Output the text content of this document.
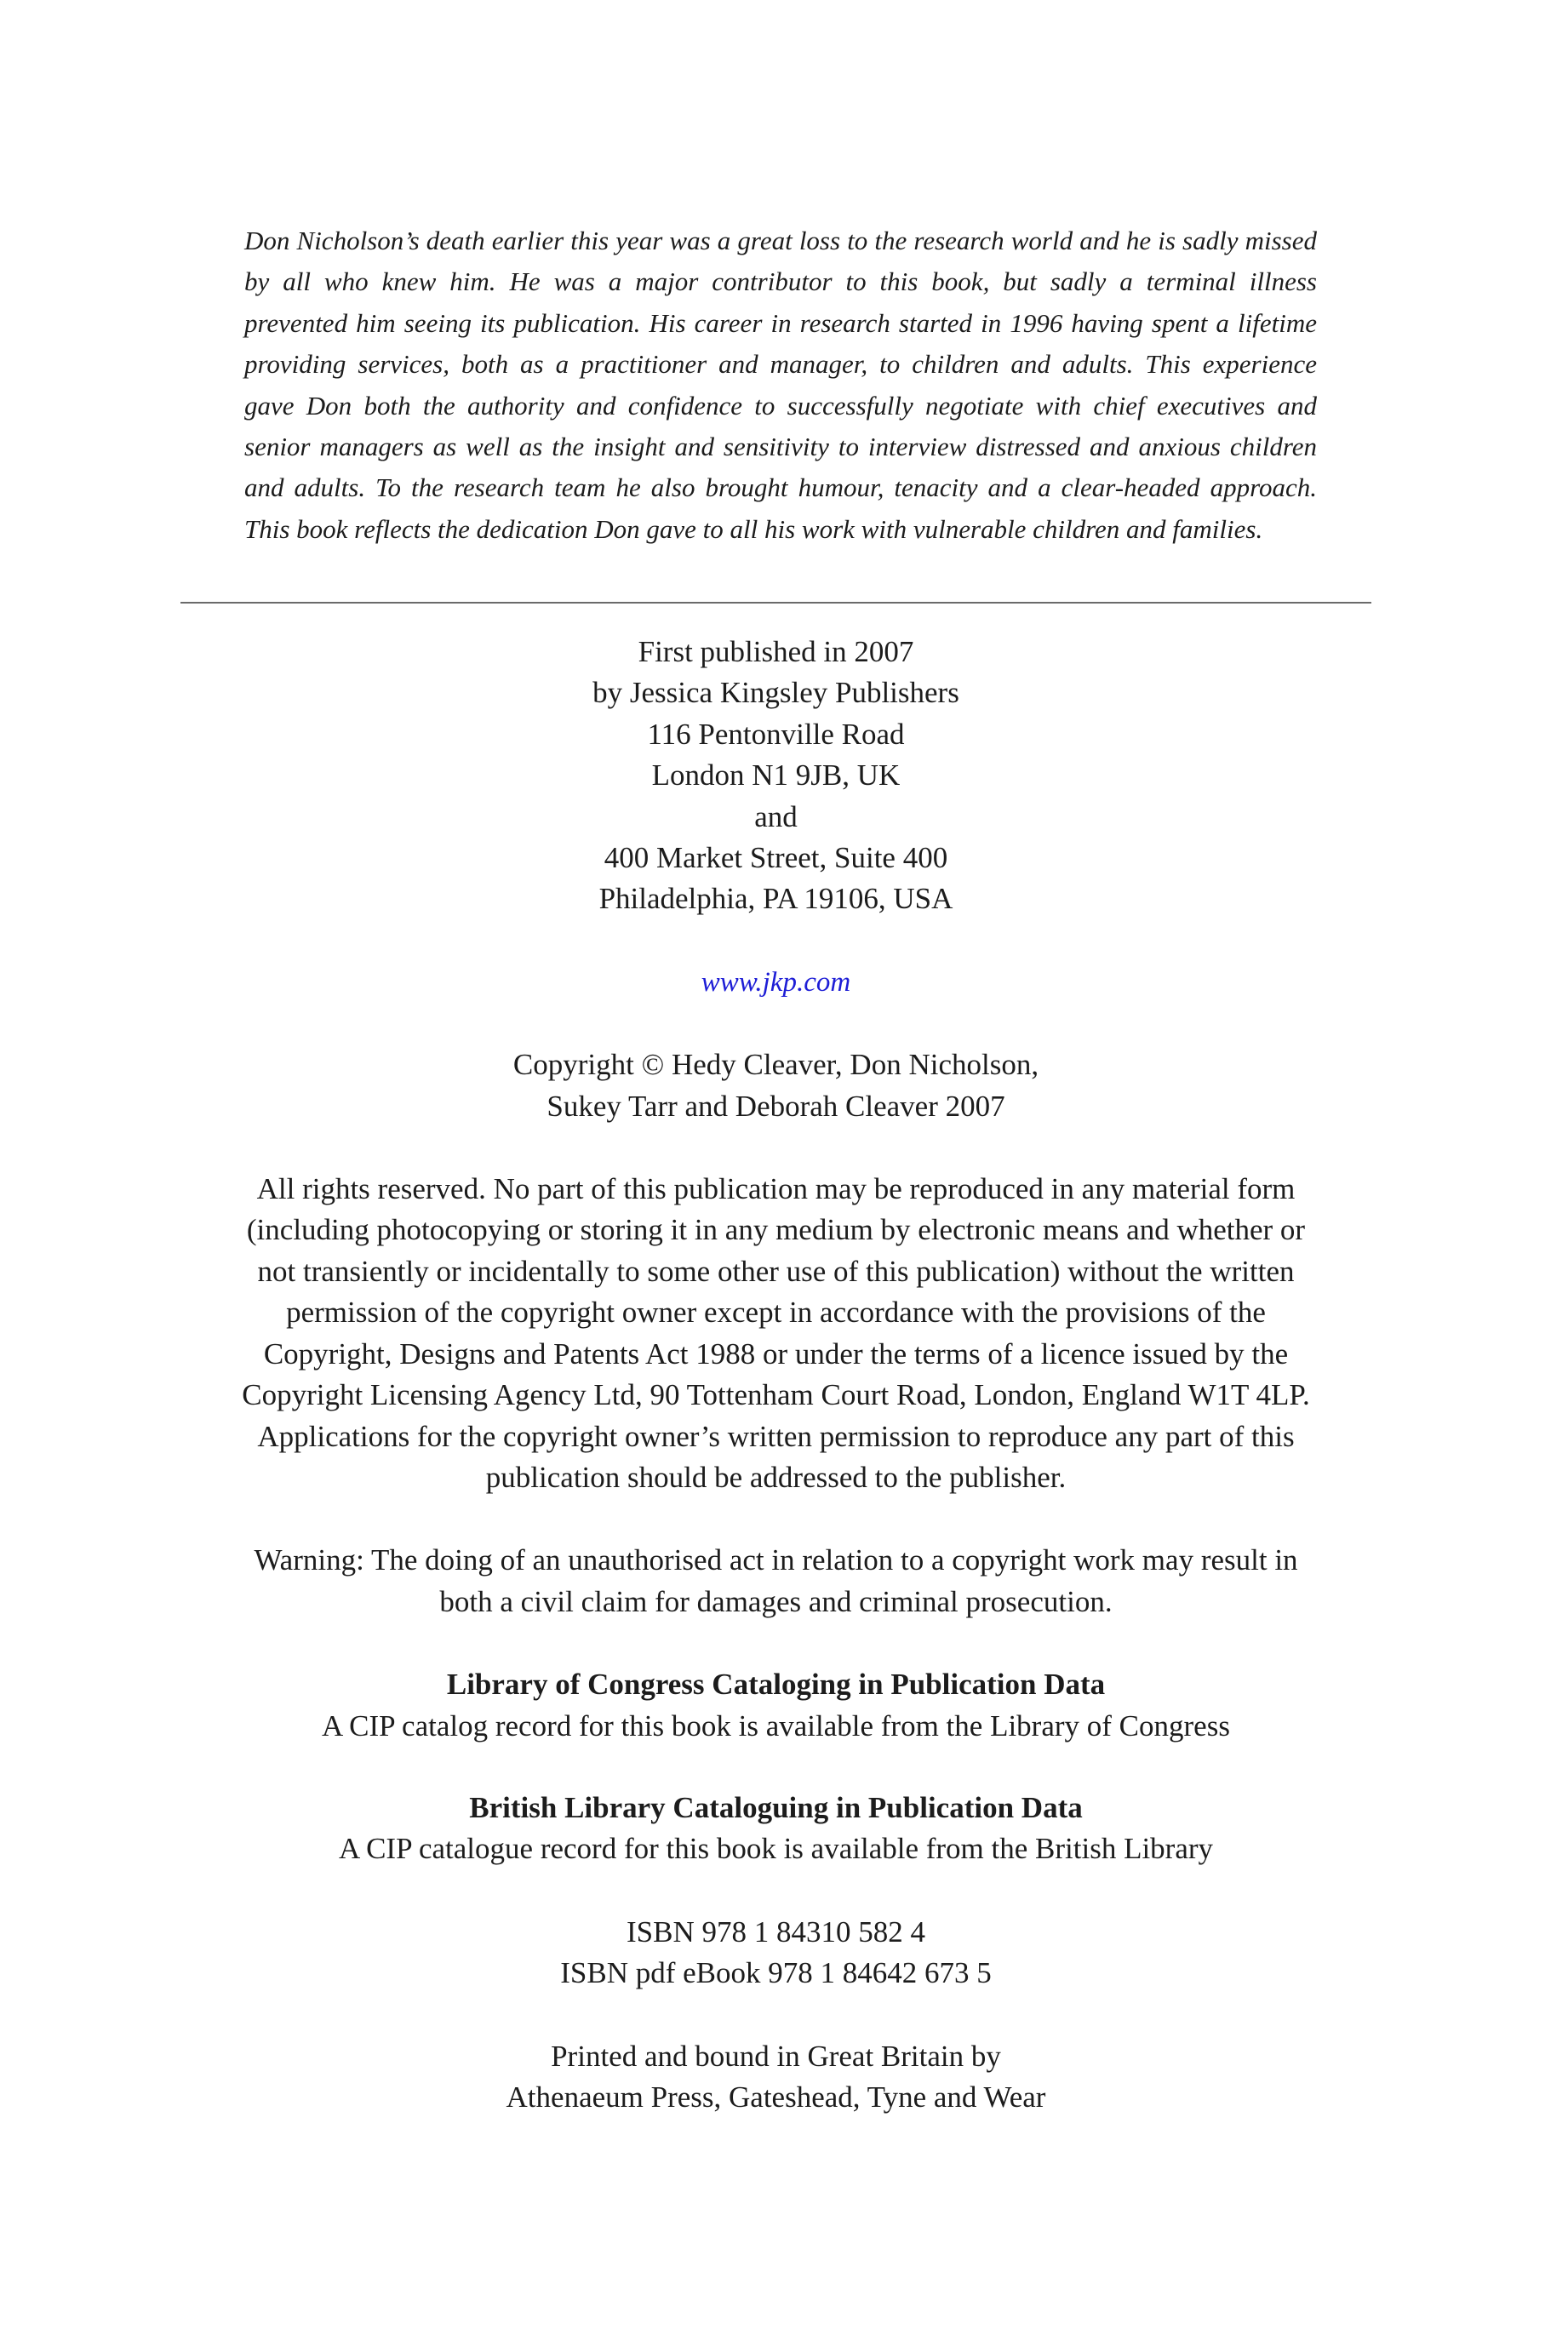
Don Nicholson’s death earlier this year was a great loss to the research world and he is sadly missed
by all who knew him. He was a major contributor to this book, but sadly a terminal illness
prevented him seeing its publication. His career in research started in 1996 having spent a lifetime
providing services, both as a practitioner and manager, to children and adults. This experience
gave Don both the authority and confidence to successfully negotiate with chief executives and
senior managers as well as the insight and sensitivity to interview distressed and anxious children
and adults. To the research team he also brought humour, tenacity and a clear-headed approach.
This book reflects the dedication Don gave to all his work with vulnerable children and families.
First published in 2007
by Jessica Kingsley Publishers
116 Pentonville Road
London N1 9JB, UK
and
400 Market Street, Suite 400
Philadelphia, PA 19106, USA
www.jkp.com
Copyright © Hedy Cleaver, Don Nicholson,
Sukey Tarr and Deborah Cleaver 2007
All rights reserved. No part of this publication may be reproduced in any material form
(including photocopying or storing it in any medium by electronic means and whether or
not transiently or incidentally to some other use of this publication) without the written
permission of the copyright owner except in accordance with the provisions of the
Copyright, Designs and Patents Act 1988 or under the terms of a licence issued by the
Copyright Licensing Agency Ltd, 90 Tottenham Court Road, London, England W1T 4LP.
Applications for the copyright owner’s written permission to reproduce any part of this
publication should be addressed to the publisher.
Warning: The doing of an unauthorised act in relation to a copyright work may result in
both a civil claim for damages and criminal prosecution.
Library of Congress Cataloging in Publication Data
A CIP catalog record for this book is available from the Library of Congress
British Library Cataloguing in Publication Data
A CIP catalogue record for this book is available from the British Library
ISBN 978 1 84310 582 4
ISBN pdf eBook 978 1 84642 673 5
Printed and bound in Great Britain by
Athenaeum Press, Gateshead, Tyne and Wear
